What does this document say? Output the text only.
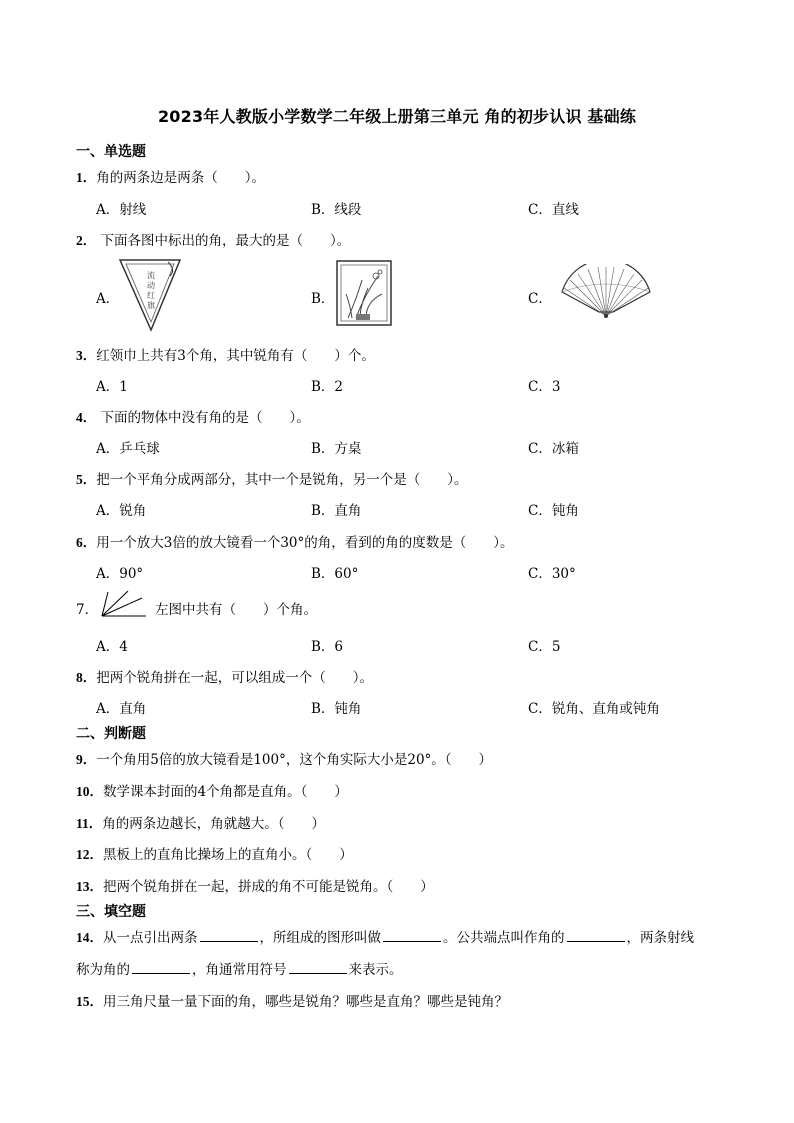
2023年人教版小学数学二年级上册第三单元 角的初步认识 基础练
一、单选题
1．角的两条边是两条（　　）。
A．射线	B．线段	C．直线
2． 下面各图中标出的角，最大的是（　　）。
A．	B．	C．
流
动
红
旗
3．红领巾上共有3个角，其中锐角有（　　）个。
A．1	B．2	C．3
4． 下面的物体中没有角的是（　　）。
A．乒乓球	B．方桌	C．冰箱
5．把一个平角分成两部分，其中一个是锐角，另一个是（　　）。
A．锐角	B．直角	C．钝角
6．用一个放大3倍的放大镜看一个30°的角，看到的角的度数是（　　）。
A．90°	B．60°	C．30°
7．	左图中共有（　　）个角。
A．4	B．6	C．5
8．把两个锐角拼在一起，可以组成一个（　　）。
A．直角	B．钝角	C．锐角、直角或钝角
二、判断题
9．一个角用5倍的放大镜看是100°，这个角实际大小是20°。（　　）
10．数学课本封面的4个角都是直角。（　　）
11．角的两条边越长，角就越大。（　　）
12．黑板上的直角比操场上的直角小。（　　）
13．把两个锐角拼在一起，拼成的角不可能是锐角。（　　）
三、填空题
14．从一点引出两条	，所组成的图形叫做	。公共端点叫作角的	，两条射线
称为角的	，角通常用符号	来表示。
15．用三角尺量一量下面的角，哪些是锐角？哪些是直角？哪些是钝角？
